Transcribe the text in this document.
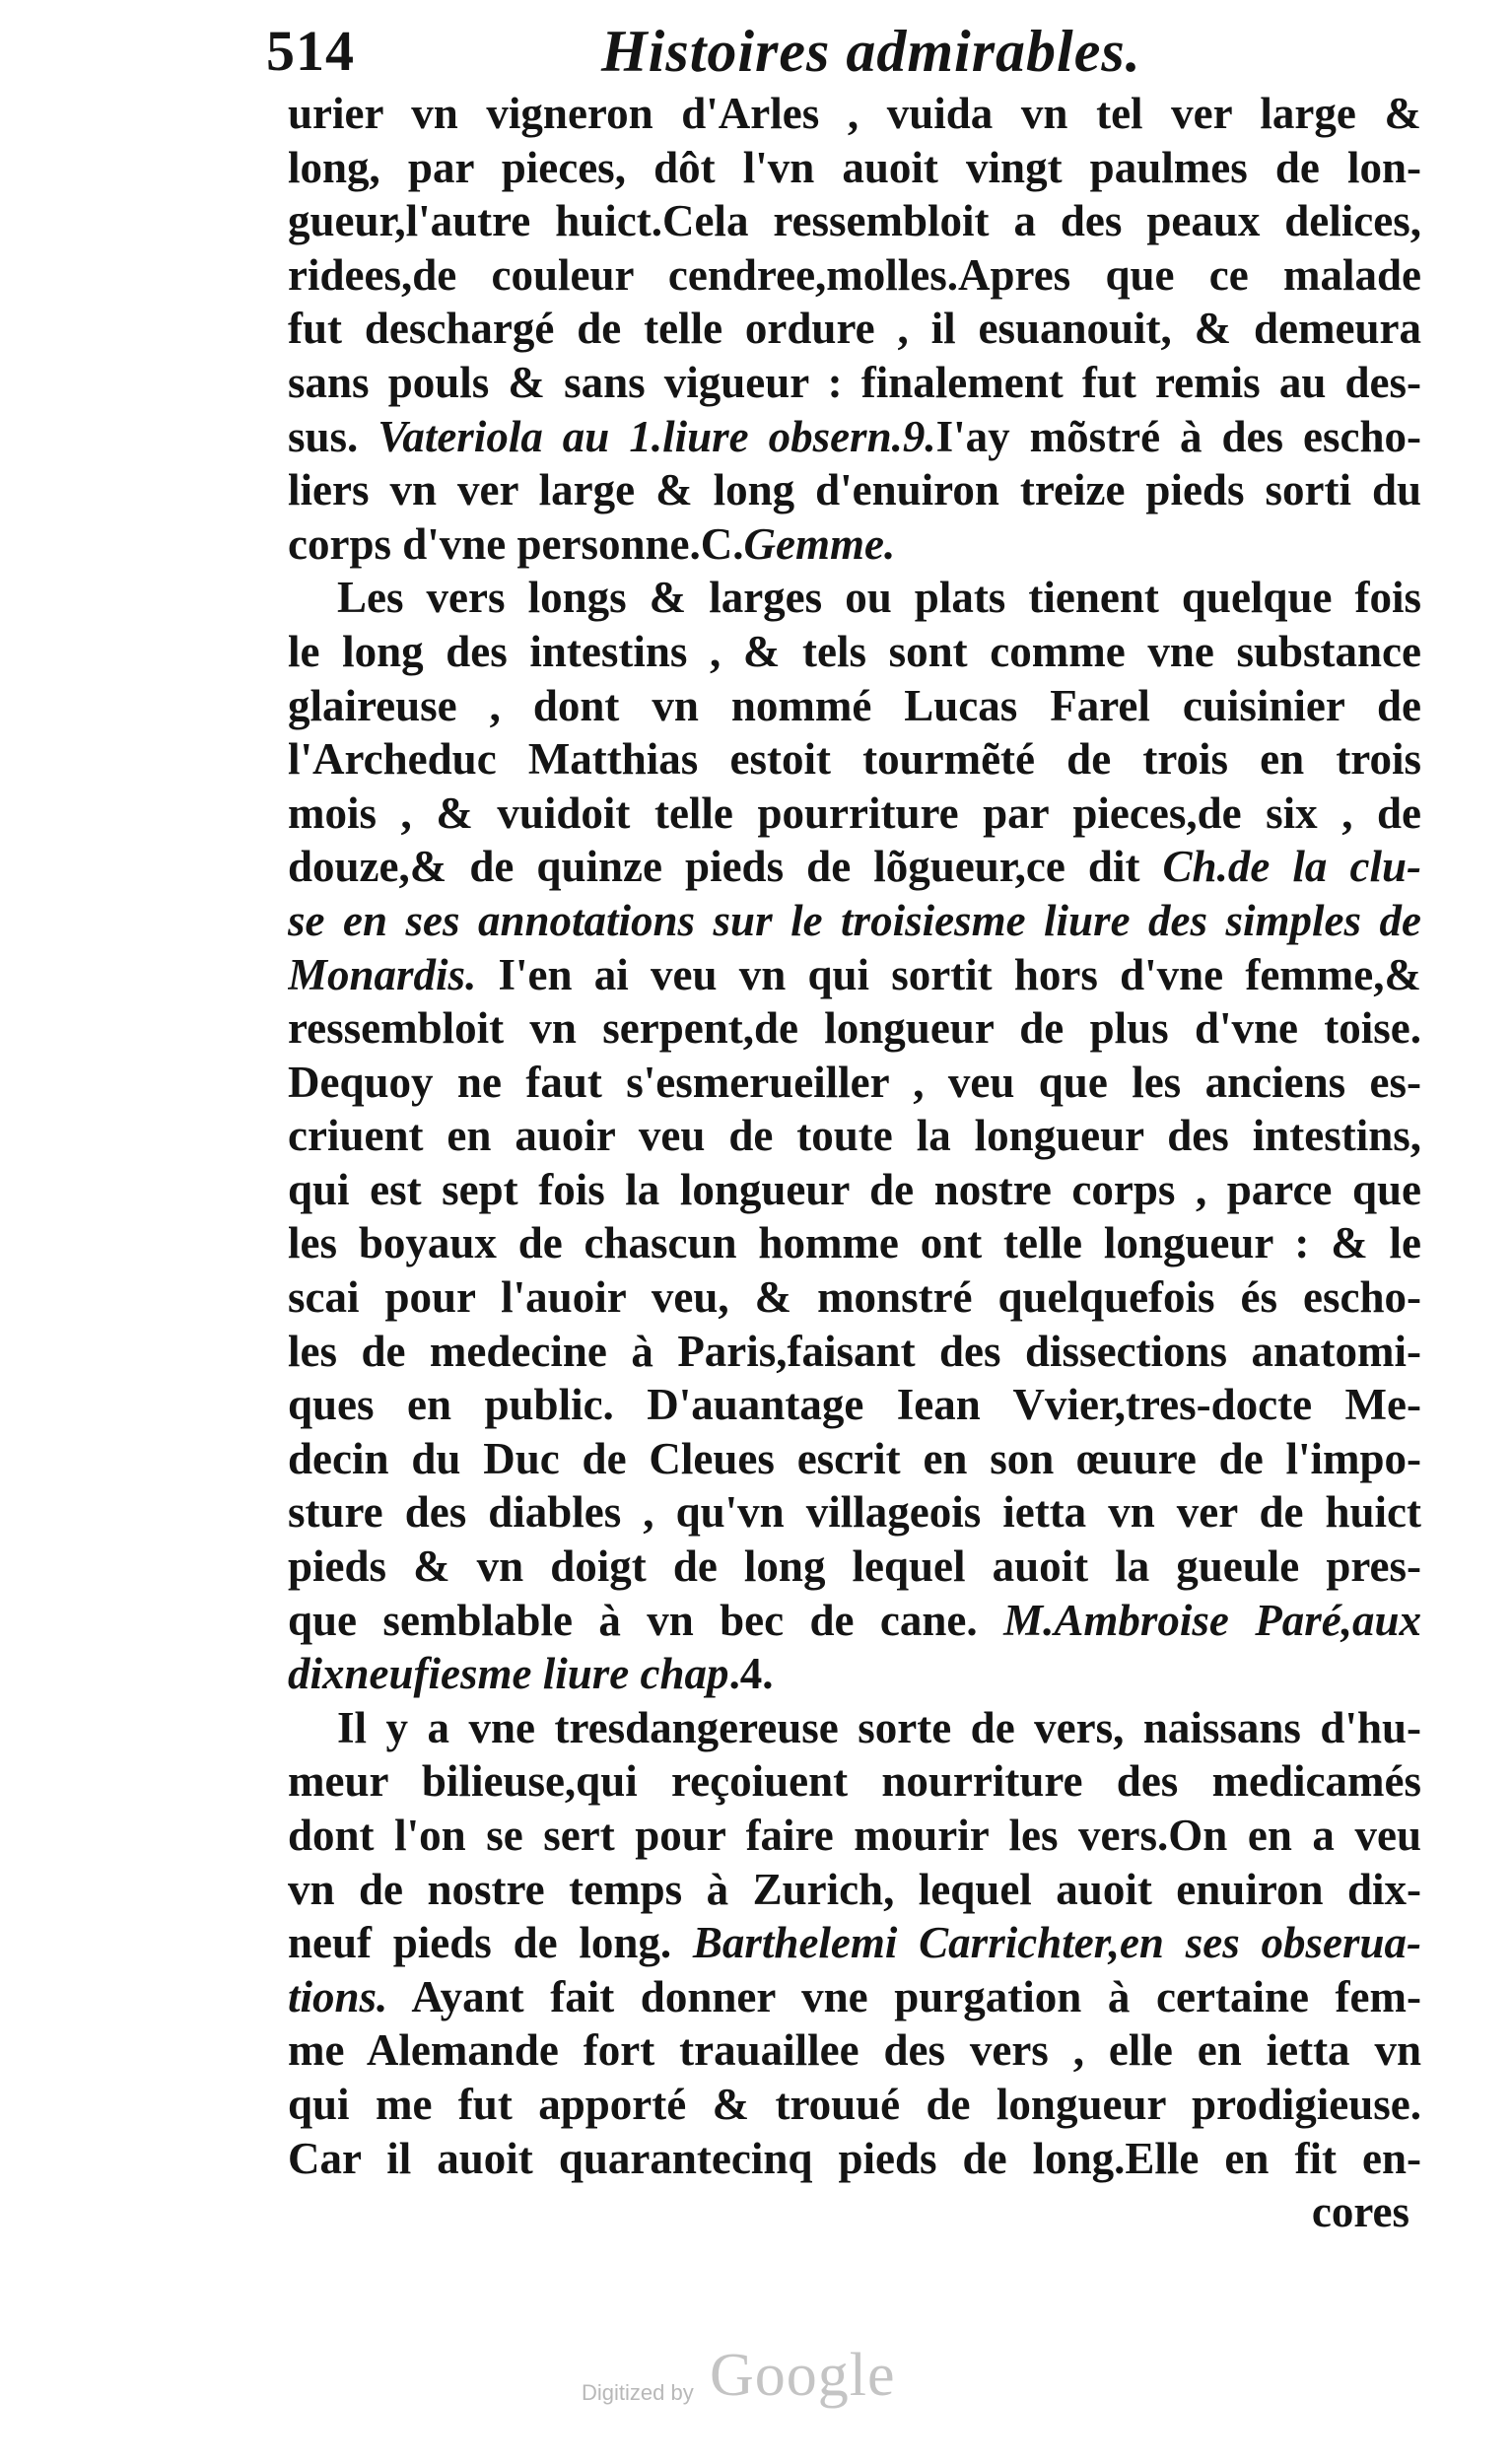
514	Histoires admirables.
urier vn vigneron d'Arles , vuida vn tel ver large &
long, par pieces, dôt l'vn auoit vingt paulmes de lon-
gueur,l'autre huict.Cela ressembloit a des peaux delices,
ridees,de couleur cendree,molles.Apres que ce malade
fut deschargé de telle ordure , il esuanouit, & demeura
sans pouls & sans vigueur : finalement fut remis au des-
sus. Vateriola au 1.liure obsern.9.I'ay mõstré à des escho-
liers vn ver large & long d'enuiron treize pieds sorti du
corps d'vne personne.C.Gemme.
Les vers longs & larges ou plats tienent quelque fois
le long des intestins , & tels sont comme vne substance
glaireuse , dont vn nommé Lucas Farel cuisinier de
l'Archeduc Matthias estoit tourmẽté de trois en trois
mois , & vuidoit telle pourriture par pieces,de six , de
douze,& de quinze pieds de lõgueur,ce dit Ch.de la clu-
se en ses annotations sur le troisiesme liure des simples de
Monardis. I'en ai veu vn qui sortit hors d'vne femme,&
ressembloit vn serpent,de longueur de plus d'vne toise.
Dequoy ne faut s'esmerueiller , veu que les anciens es-
criuent en auoir veu de toute la longueur des intestins,
qui est sept fois la longueur de nostre corps , parce que
les boyaux de chascun homme ont telle longueur : & le
scai pour l'auoir veu, & monstré quelquefois és escho-
les de medecine à Paris,faisant des dissections anatomi-
ques en public. D'auantage Iean Vvier,tres-docte Me-
decin du Duc de Cleues escrit en son œuure de l'impo-
sture des diables , qu'vn villageois ietta vn ver de huict
pieds & vn doigt de long lequel auoit la gueule pres-
que semblable à vn bec de cane. M.Ambroise Paré,aux
dixneufiesme liure chap.4.
Il y a vne tresdangereuse sorte de vers, naissans d'hu-
meur bilieuse,qui reçoiuent nourriture des medicamés
dont l'on se sert pour faire mourir les vers.On en a veu
vn de nostre temps à Zurich, lequel auoit enuiron dix-
neuf pieds de long. Barthelemi Carrichter,en ses obserua-
tions. Ayant fait donner vne purgation à certaine fem-
me Alemande fort trauaillee des vers , elle en ietta vn
qui me fut apporté & trouué de longueur prodigieuse.
Car il auoit quarantecinq pieds de long.Elle en fit en-
cores
Digitized by Google
